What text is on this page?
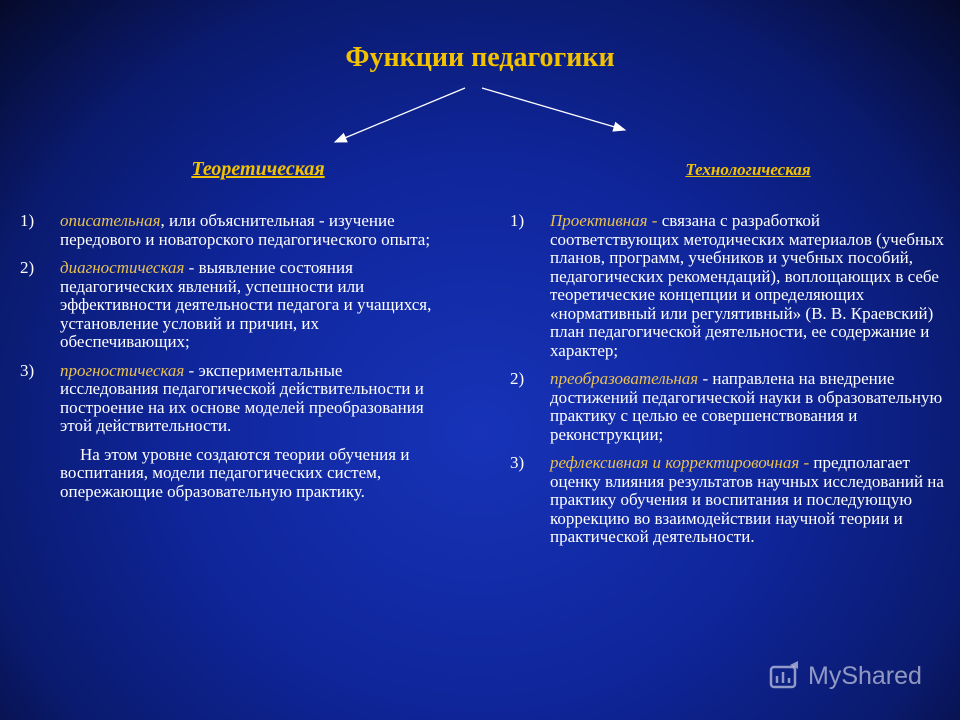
Функции педагогики
Теоретическая	Технологическая
1) описательная, или объяснительная - изучение передового и новаторского педагогического опыта;
2) диагностическая - выявление состояния педагогических явлений, успешности или эффективности деятельности педагога и учащихся, установление условий и причин, их обеспечивающих;
3) прогностическая - экспериментальные исследования педагогической действительности и построение на их основе моделей преобразования этой действительности.
На этом уровне создаются теории обучения и воспитания, модели педагогических систем, опережающие образовательную практику.
1) Проективная - связана с разработкой соответствующих методических материалов (учебных планов, программ, учебников и учебных пособий, педагогических рекомендаций), воплощающих в себе теоретические концепции и определяющих «нормативный или регулятивный» (В. В. Краевский) план педагогической деятельности, ее содержание и характер;
2) преобразовательная - направлена на внедрение достижений педагогической науки в образовательную практику с целью ее совершенствования и реконструкции;
3) рефлексивная и корректировочная - предполагает оценку влияния результатов научных исследований на практику обучения и воспитания и последующую коррекцию во взаимодействии научной теории и практической деятельности.
MyShared
